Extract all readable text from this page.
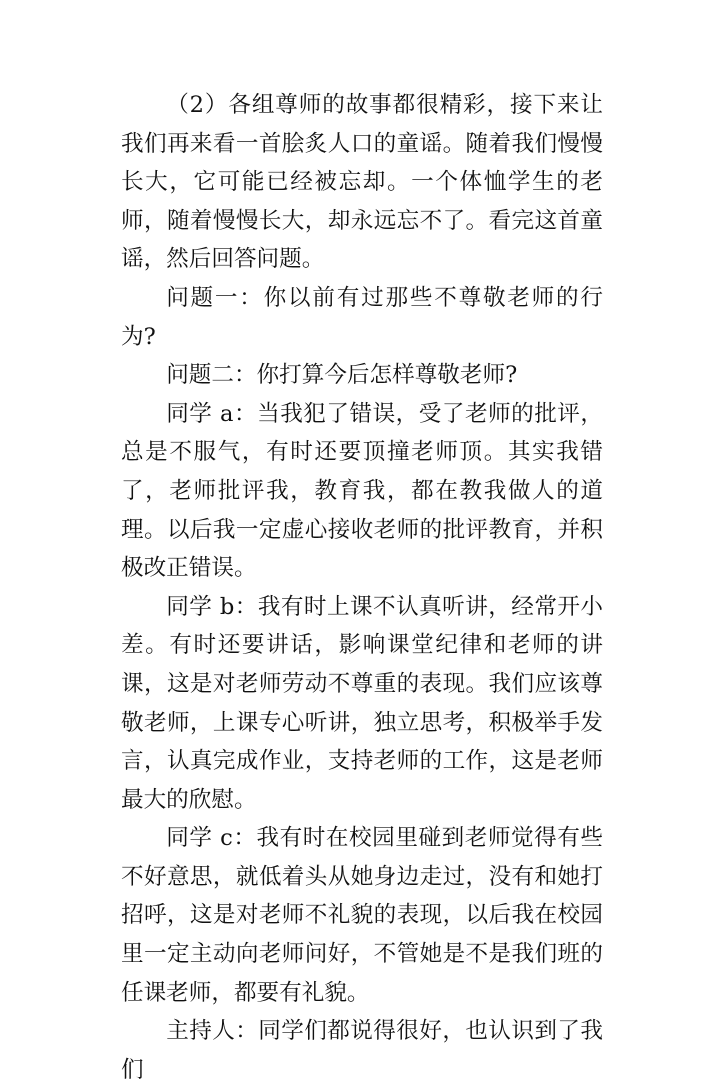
（2）各组尊师的故事都很精彩，接下来让我们再来看一首脍炙人口的童谣。随着我们慢慢长大，它可能已经被忘却。一个体恤学生的老师，随着慢慢长大，却永远忘不了。看完这首童谣，然后回答问题。

问题一：你以前有过那些不尊敬老师的行为?

问题二：你打算今后怎样尊敬老师?

同学 a：当我犯了错误，受了老师的批评，总是不服气，有时还要顶撞老师顶。其实我错了，老师批评我，教育我，都在教我做人的道理。以后我一定虚心接收老师的批评教育，并积极改正错误。

同学 b：我有时上课不认真听讲，经常开小差。有时还要讲话，影响课堂纪律和老师的讲课，这是对老师劳动不尊重的表现。我们应该尊敬老师，上课专心听讲，独立思考，积极举手发言，认真完成作业，支持老师的工作，这是老师最大的欣慰。

同学 c：我有时在校园里碰到老师觉得有些不好意思，就低着头从她身边走过，没有和她打招呼，这是对老师不礼貌的表现，以后我在校园里一定主动向老师问好，不管她是不是我们班的任课老师，都要有礼貌。

主持人：同学们都说得很好，也认识到了我们
